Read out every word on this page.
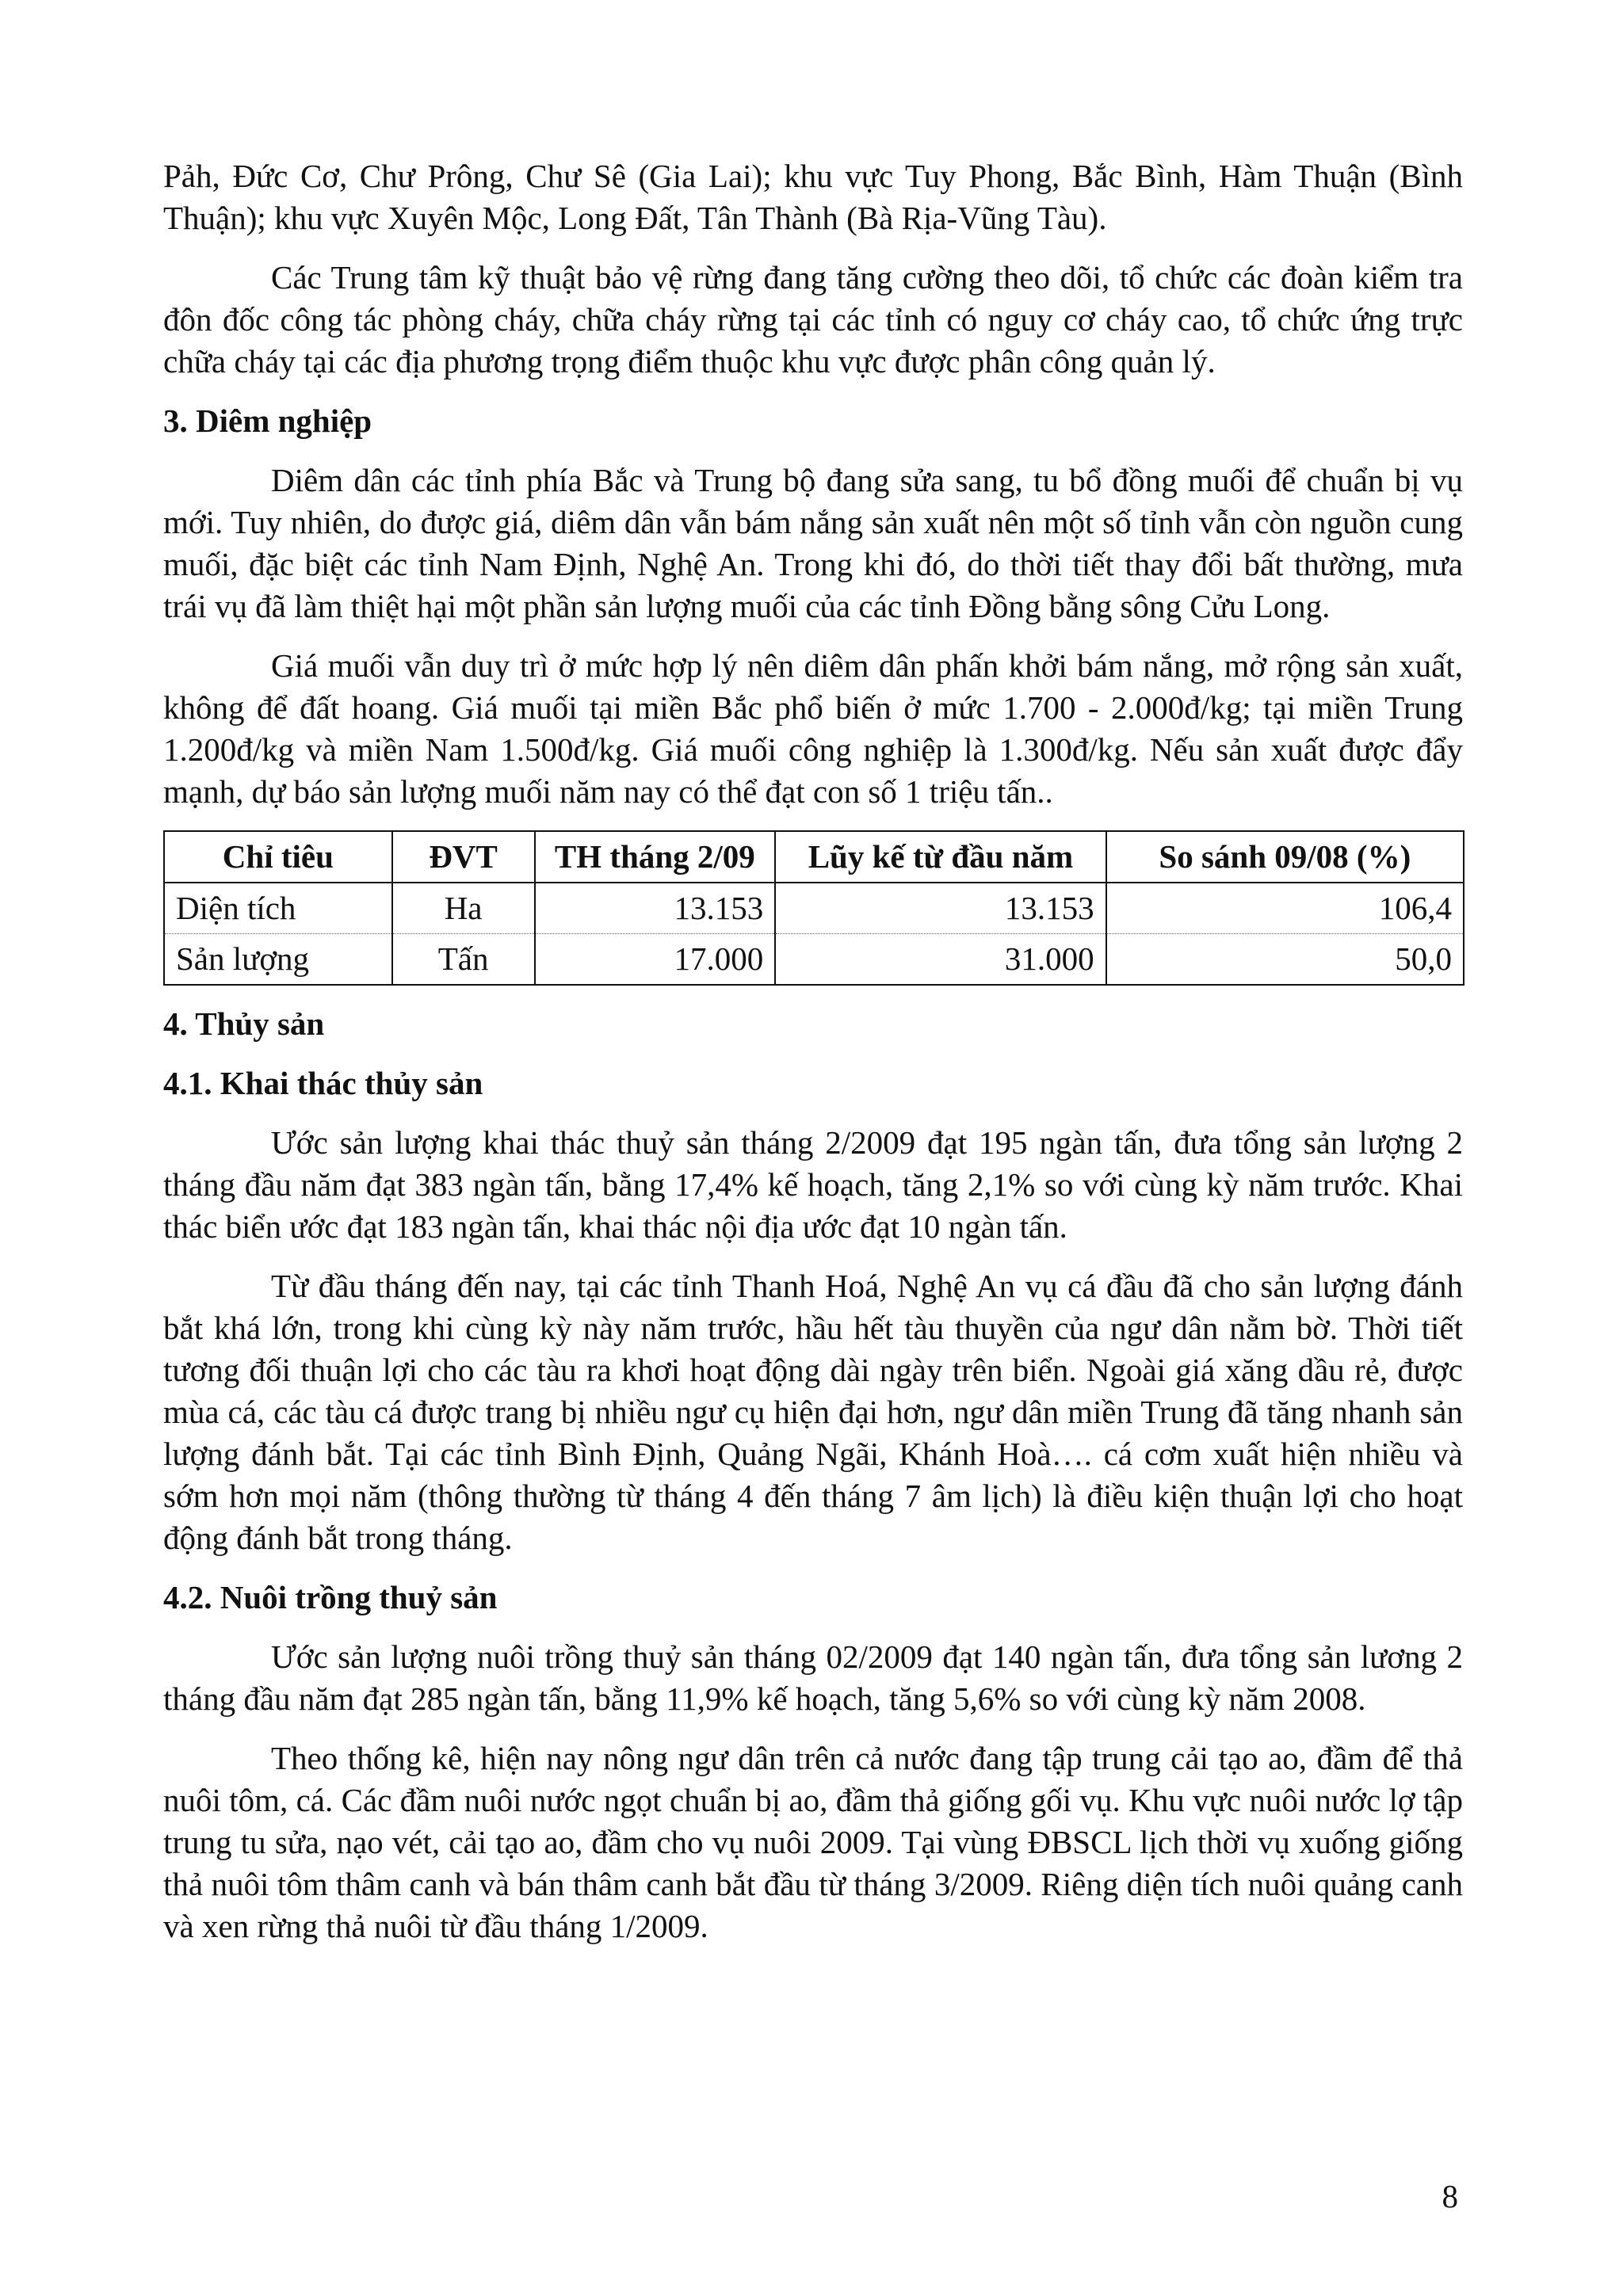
Pảh, Đức Cơ, Chư Prông, Chư Sê (Gia Lai); khu vực Tuy Phong, Bắc Bình, Hàm Thuận (Bình Thuận); khu vực Xuyên Mộc, Long Đất, Tân Thành (Bà Rịa-Vũng Tàu).

Các Trung tâm kỹ thuật bảo vệ rừng đang tăng cường theo dõi, tổ chức các đoàn kiểm tra đôn đốc công tác phòng cháy, chữa cháy rừng tại các tỉnh có nguy cơ cháy cao, tổ chức ứng trực chữa cháy tại các địa phương trọng điểm thuộc khu vực được phân công quản lý.

3. Diêm nghiệp

Diêm dân các tỉnh phía Bắc và Trung bộ đang sửa sang, tu bổ đồng muối để chuẩn bị vụ mới. Tuy nhiên, do được giá, diêm dân vẫn bám nắng sản xuất nên một số tỉnh vẫn còn nguồn cung muối, đặc biệt các tỉnh Nam Định, Nghệ An. Trong khi đó, do thời tiết thay đổi bất thường, mưa trái vụ đã làm thiệt hại một phần sản lượng muối của các tỉnh Đồng bằng sông Cửu Long.

Giá muối vẫn duy trì ở mức hợp lý nên diêm dân phấn khởi bám nắng, mở rộng sản xuất, không để đất hoang. Giá muối tại miền Bắc phổ biến ở mức 1.700 - 2.000đ/kg; tại miền Trung 1.200đ/kg và miền Nam 1.500đ/kg. Giá muối công nghiệp là 1.300đ/kg. Nếu sản xuất được đẩy mạnh, dự báo sản lượng muối năm nay có thể đạt con số 1 triệu tấn..

Chỉ tiêu	ĐVT	TH tháng 2/09	Lũy kế từ đầu năm	So sánh 09/08 (%)
Diện tích	Ha	13.153	13.153	106,4
Sản lượng	Tấn	17.000	31.000	50,0
4. Thủy sản
4.1. Khai thác thủy sản

Ước sản lượng khai thác thuỷ sản tháng 2/2009 đạt 195 ngàn tấn, đưa tổng sản lượng 2 tháng đầu năm đạt 383 ngàn tấn, bằng 17,4% kế hoạch, tăng 2,1% so với cùng kỳ năm trước. Khai thác biển ước đạt 183 ngàn tấn, khai thác nội địa ước đạt 10 ngàn tấn.

Từ đầu tháng đến nay, tại các tỉnh Thanh Hoá, Nghệ An vụ cá đầu đã cho sản lượng đánh bắt khá lớn, trong khi cùng kỳ này năm trước, hầu hết tàu thuyền của ngư dân nằm bờ. Thời tiết tương đối thuận lợi cho các tàu ra khơi hoạt động dài ngày trên biển. Ngoài giá xăng dầu rẻ, được mùa cá, các tàu cá được trang bị nhiều ngư cụ hiện đại hơn, ngư dân miền Trung đã tăng nhanh sản lượng đánh bắt. Tại các tỉnh Bình Định, Quảng Ngãi, Khánh Hoà…. cá cơm xuất hiện nhiều và sớm hơn mọi năm (thông thường từ tháng 4 đến tháng 7 âm lịch) là điều kiện thuận lợi cho hoạt động đánh bắt trong tháng.

4.2. Nuôi trồng thuỷ sản

Ước sản lượng nuôi trồng thuỷ sản tháng 02/2009 đạt 140 ngàn tấn, đưa tổng sản lương 2 tháng đầu năm đạt 285 ngàn tấn, bằng 11,9% kế hoạch, tăng 5,6% so với cùng kỳ năm 2008.

Theo thống kê, hiện nay nông ngư dân trên cả nước đang tập trung cải tạo ao, đầm để thả nuôi tôm, cá. Các đầm nuôi nước ngọt chuẩn bị ao, đầm thả giống gối vụ. Khu vực nuôi nước lợ tập trung tu sửa, nạo vét, cải tạo ao, đầm cho vụ nuôi 2009. Tại vùng ĐBSCL lịch thời vụ xuống giống thả nuôi tôm thâm canh và bán thâm canh bắt đầu từ tháng 3/2009. Riêng diện tích nuôi quảng canh và xen rừng thả nuôi từ đầu tháng 1/2009.

8
